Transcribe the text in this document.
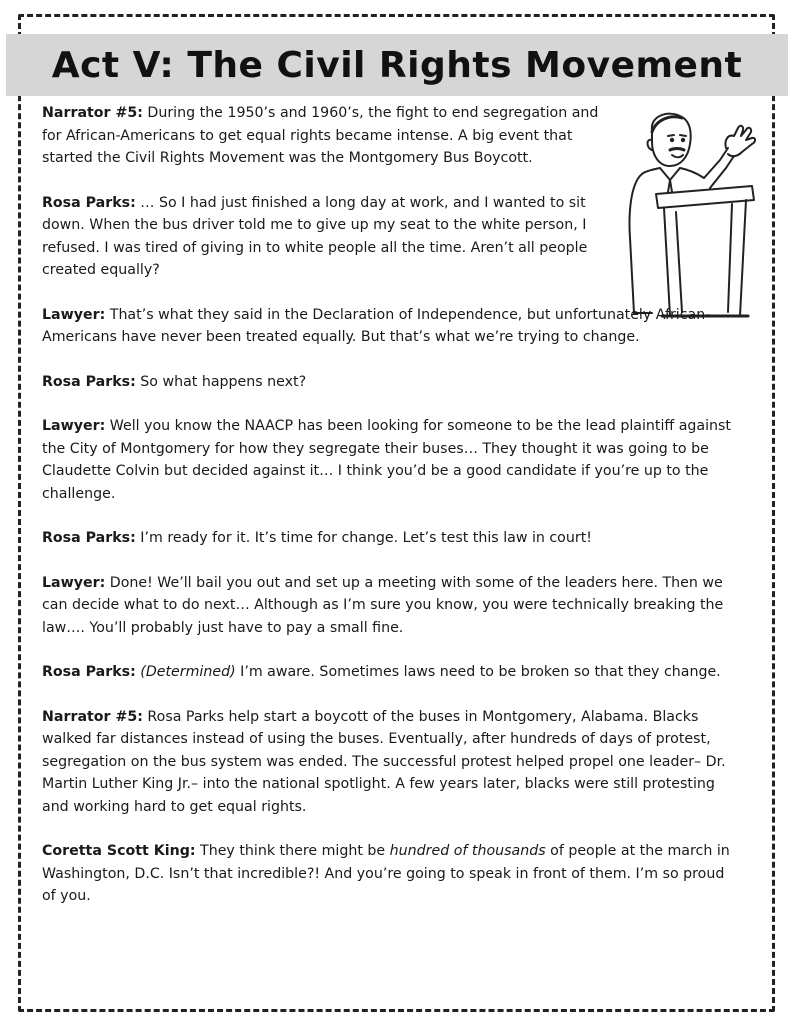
Act V: The Civil Rights Movement

Narrator #5: During the 1950’s and 1960’s, the fight to end segregation and for African-Americans to get equal rights became intense. A big event that started the Civil Rights Movement was the Montgomery Bus Boycott.

Rosa Parks: … So I had just finished a long day at work, and I wanted to sit down. When the bus driver told me to give up my seat to the white person, I refused. I was tired of giving in to white people all the time. Aren’t all people created equally?

Lawyer: That’s what they said in the Declaration of Independence, but unfortunately African-Americans have never been treated equally. But that’s what we’re trying to change.

Rosa Parks: So what happens next?

Lawyer: Well you know the NAACP has been looking for someone to be the lead plaintiff against the City of Montgomery for how they segregate their buses… They thought it was going to be Claudette Colvin but decided against it… I think you’d be a good candidate if you’re up to the challenge.

Rosa Parks: I’m ready for it. It’s time for change. Let’s test this law in court!

Lawyer: Done! We’ll bail you out and set up a meeting with some of the leaders here. Then we can decide what to do next… Although as I’m sure you know, you were technically breaking the law…. You’ll probably just have to pay a small fine.

Rosa Parks: (Determined) I’m aware. Sometimes laws need to be broken so that they change.

Narrator #5: Rosa Parks help start a boycott of the buses in Montgomery, Alabama. Blacks walked far distances instead of using the buses. Eventually, after hundreds of days of protest, segregation on the bus system was ended. The successful protest helped propel one leader– Dr. Martin Luther King Jr.– into the national spotlight. A few years later, blacks were still protesting and working hard to get equal rights.

Coretta Scott King: They think there might be hundred of thousands of people at the march in Washington, D.C. Isn’t that incredible?! And you’re going to speak in front of them. I’m so proud of you.
